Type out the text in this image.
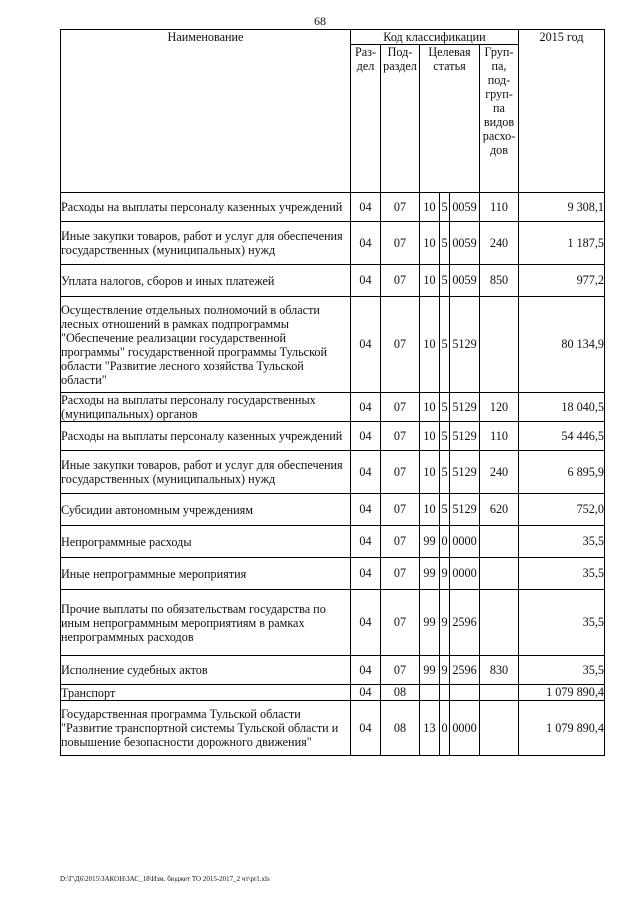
68
Наименование	Код классификации						2015 год
	Раз-дел	Под-раздел	Целевая статья			Груп-па, под-груп-па видов расхо-дов	
Расходы на выплаты персоналу казенных учреждений	04	07	10	5	0059	110	9 308,1
Иные закупки товаров, работ и услуг для обеспечения государственных (муниципальных) нужд	04	07	10	5	0059	240	1 187,5
Уплата налогов, сборов и иных платежей	04	07	10	5	0059	850	977,2
Осуществление отдельных полномочий в области лесных отношений в рамках подпрограммы "Обеспечение реализации государственной программы" государственной программы Тульской области "Развитие лесного хозяйства Тульской области"	04	07	10	5	5129		80 134,9
Расходы на выплаты персоналу государственных (муниципальных) органов	04	07	10	5	5129	120	18 040,5
Расходы на выплаты персоналу казенных учреждений	04	07	10	5	5129	110	54 446,5
Иные закупки товаров, работ и услуг для обеспечения государственных (муниципальных) нужд	04	07	10	5	5129	240	6 895,9
Субсидии автономным учреждениям	04	07	10	5	5129	620	752,0
Непрограммные расходы	04	07	99	0	0000		35,5
Иные непрограммные мероприятия	04	07	99	9	0000		35,5
Прочие выплаты по обязательствам государства по иным непрограммным мероприятиям в рамках непрограммных расходов	04	07	99	9	2596		35,5
Исполнение судебных актов	04	07	99	9	2596	830	35,5
Транспорт	04	08					1 079 890,4
Государственная программа Тульской области "Развитие транспортной системы Тульской области и повышение безопасности дорожного движения"	04	08	13	0	0000		1 079 890,4
D:\Г\Д6\2015\ЗАКОН\ЗАС_18\Изм. бюджет ТО 2015-2017_2 чт\pr1.xls
